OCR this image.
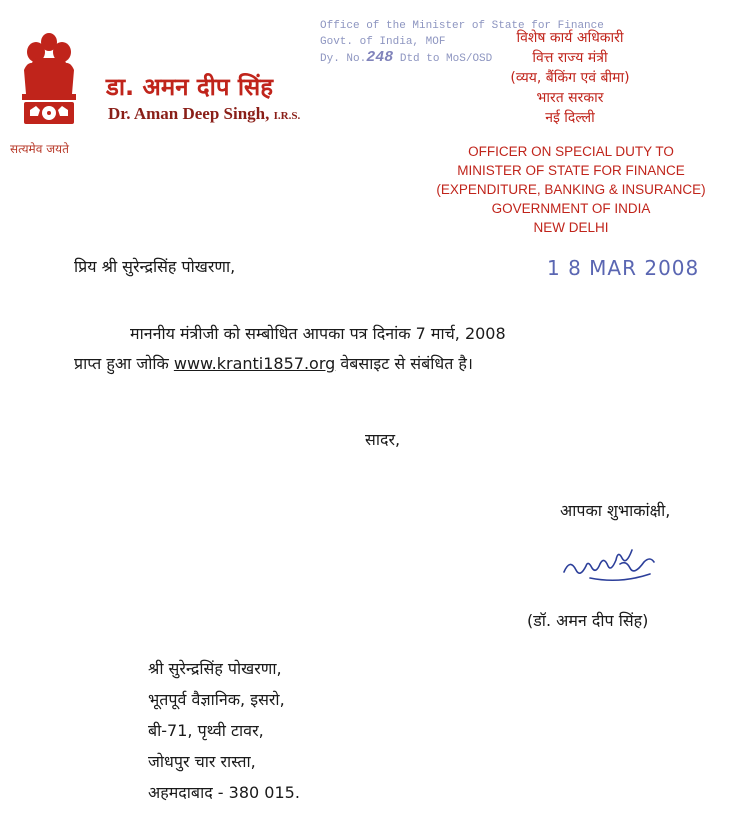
सत्यमेव जयते
डा. अमन दीप सिंह
Dr. Aman Deep Singh, I.R.S.
Office of the Minister of State for Finance
Govt. of India, MOF
Dy. No.248 Dtd to MoS/OSD
विशेष कार्य अधिकारी
वित्त राज्य मंत्री
(व्यय, बैंकिंग एवं बीमा)
भारत सरकार
नई दिल्ली
OFFICER ON SPECIAL DUTY TO
MINISTER OF STATE FOR FINANCE
(EXPENDITURE, BANKING & INSURANCE)
GOVERNMENT OF INDIA
NEW DELHI
1 8 MAR 2008
प्रिय श्री सुरेन्द्रसिंह पोखरणा,
माननीय मंत्रीजी को सम्बोधित आपका पत्र दिनांक 7 मार्च, 2008
प्राप्त हुआ जोकि www.kranti1857.org वेबसाइट से संबंधित है।
सादर,
आपका शुभाकांक्षी,
(डॉ. अमन दीप सिंह)
श्री सुरेन्द्रसिंह पोखरणा,
भूतपूर्व वैज्ञानिक, इसरो,
बी-71, पृथ्वी टावर,
जोधपुर चार रास्ता,
अहमदाबाद - 380 015.
